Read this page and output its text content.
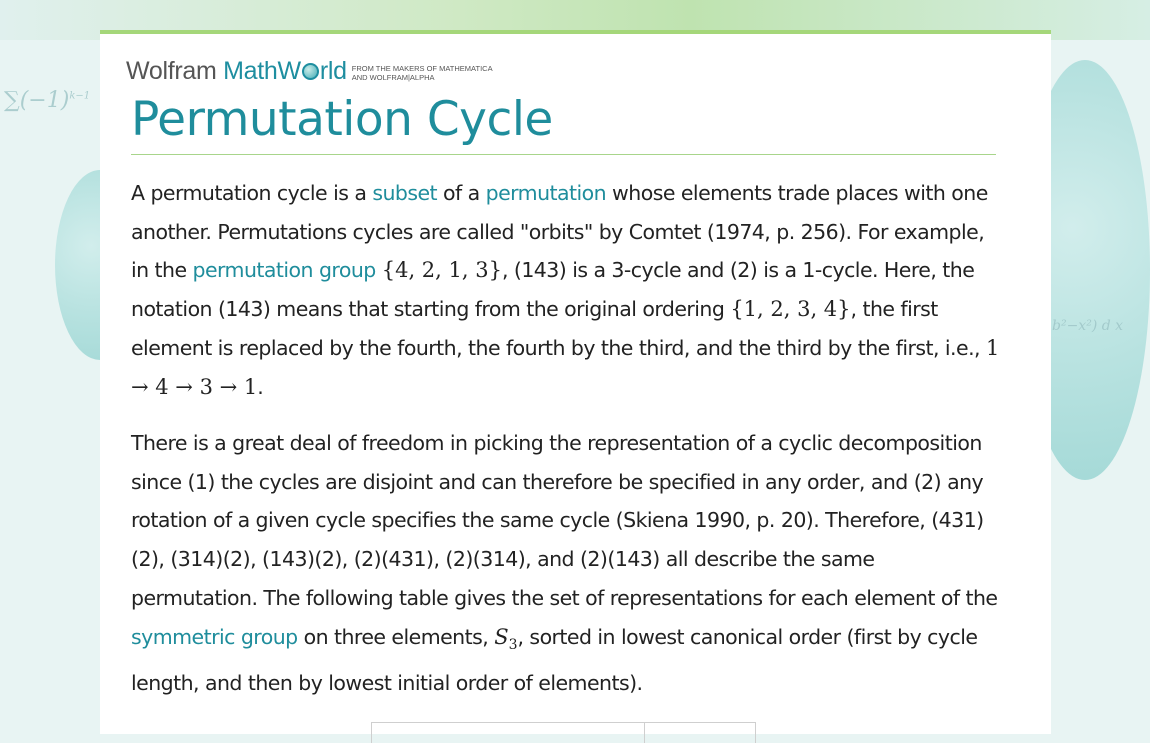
$\sum(-1)^{k-1}$
b²−x²) d x
Wolfram MathW rld FROM THE MAKERS OF MATHEMATICA
AND WOLFRAM|ALPHA
Permutation Cycle

A permutation cycle is a subset of a permutation whose elements trade places with one another. Permutations cycles are called "orbits" by Comtet (1974, p. 256). For example, in the permutation group {4, 2, 1, 3}, (143) is a 3-cycle and (2) is a 1-cycle. Here, the notation (143) means that starting from the original ordering {1, 2, 3, 4}, the first element is replaced by the fourth, the fourth by the third, and the third by the first, i.e., 1 → 4 → 3 → 1.

There is a great deal of freedom in picking the representation of a cyclic decomposition since (1) the cycles are disjoint and can therefore be specified in any order, and (2) any rotation of a given cycle specifies the same cycle (Skiena 1990, p. 20). Therefore, (431)(2), (314)(2), (143)(2), (2)(431), (2)(314), and (2)(143) all describe the same permutation. The following table gives the set of representations for each element of the symmetric group on three elements, $S_3$, sorted in lowest canonical order (first by cycle length, and then by lowest initial order of elements).
